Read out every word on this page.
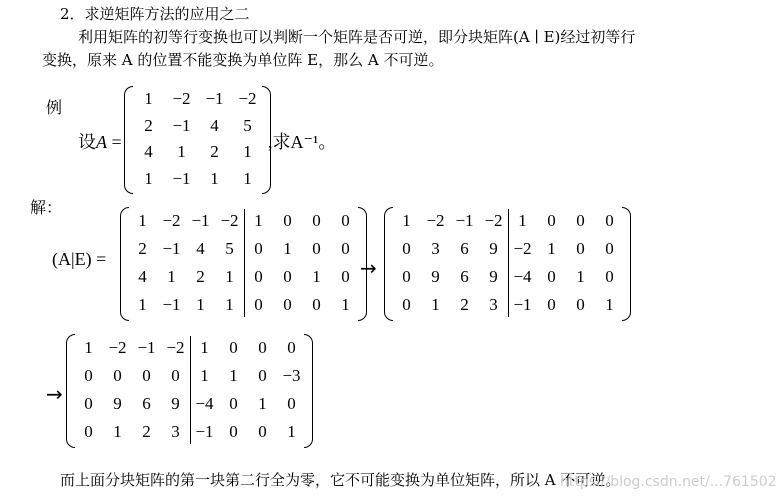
2．求逆矩阵方法的应用之二
利用矩阵的初等行变换也可以判断一个矩阵是否可逆，即分块矩阵(A ∣ E)经过初等行
变换，原来 A 的位置不能变换为单位阵 E，那么 A 不可逆。
例
设A =
1	−2 −1 −2
2	−1	4	5
4	1	2	1
1	−1	1	1
,求A⁻¹。
解：
(A|E) =
1 −2 −1 −2 1	0	0	0
2 −1 4	5	0	1	0	0
4	1	2	1	0	0	1	0
1 −1 1	1	0	0	0	1
→
1 −2 −1 −2 1	0	0	0
0	3	6	9 −2 1	0	0
0	9	6	9 −4 0	1	0
0	1	2	3 −1 0	0	1
→
1 −2 −1 −2 1	0	0	0
0	0	0	0	1	1	0 −3
0	9	6	9 −4 0	1	0
0	1	2	3 −1 0	0	1
而上面分块矩阵的第一块第二行全为零，它不可能变换为单位矩阵，所以 A 不可逆。
https://blog.csdn.net/...761502
